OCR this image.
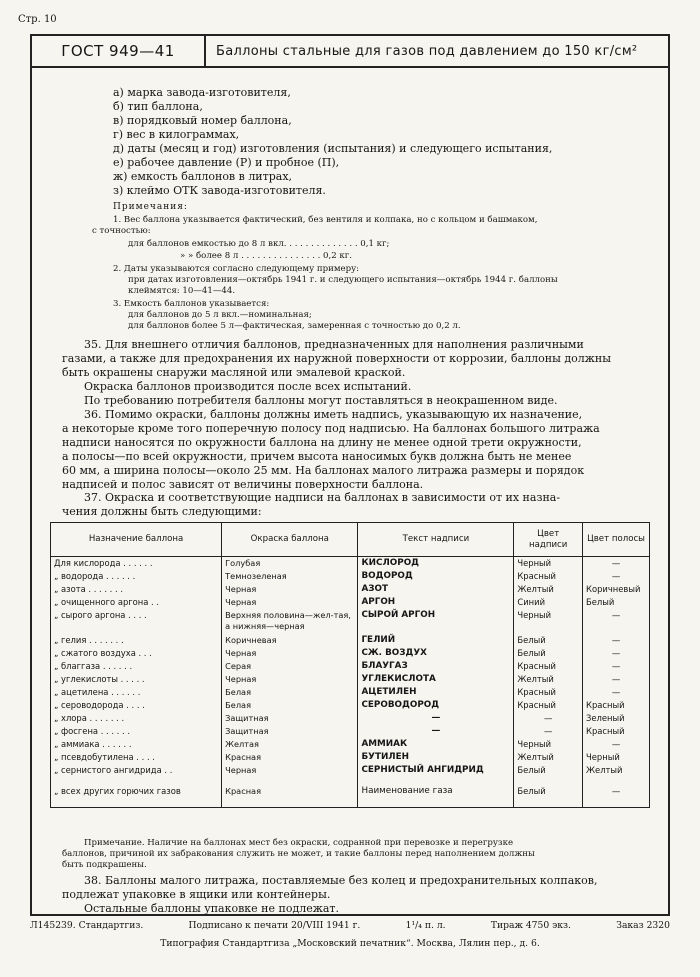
Стр. 10
ГОСТ 949—41	Баллоны стальные для газов под давлением до 150 кг/см²
а) марка завода-изготовителя,
б) тип баллона,
в) порядковый номер баллона,
г) вес в килограммах,
д) даты (месяц и год) изготовления (испытания) и следующего испытания,
е) рабочее давление (Р) и пробное (П),
ж) емкость баллонов в литрах,
з) клеймо ОТК завода-изготовителя.
Примечания:
1. Вес баллона указывается фактический, без вентиля и колпака, но с кольцом и башмаком,
с точностью:
для баллонов емкостью до 8 л вкл. . . . . . . . . . . . . . 0,1 кг;
» » более 8 л . . . . . . . . . . . . . . . 0,2 кг.
2. Даты указываются согласно следующему примеру:
при датах изготовления—октябрь 1941 г. и следующего испытания—октябрь 1944 г. баллоны
клеймятся: 10—41—44.
3. Емкость баллонов указывается:
для баллонов до 5 л вкл.—номинальная;
для баллонов более 5 л—фактическая, замеренная с точностью до 0,2 л.
35. Для внешнего отличия баллонов, предназначенных для наполнения различными
газами, а также для предохранения их наружной поверхности от коррозии, баллоны должны
быть окрашены снаружи масляной или эмалевой краской.
Окраска баллонов производится после всех испытаний.
По требованию потребителя баллоны могут поставляться в неокрашенном виде.
36. Помимо окраски, баллоны должны иметь надпись, указывающую их назначение,
а некоторые кроме того поперечную полосу под надписью. На баллонах большого литража
надписи наносятся по окружности баллона на длину не менее одной трети окружности,
а полосы—по всей окружности, причем высота наносимых букв должна быть не менее
60 мм, а ширина полосы—около 25 мм. На баллонах малого литража размеры и порядок
надписей и полос зависят от величины поверхности баллона.
37. Окраска и соответствующие надписи на баллонах в зависимости от их назна-
чения должны быть следующими:
Назначение баллона	Окраска баллона	Текст надписи	Цвет надписи	Цвет полосы
Для кислорода . . . . . .	Голубая	КИСЛОРОД	Черный	—
„ водорода . . . . . .	Темнозеленая	ВОДОРОД	Красный	—
„ азота . . . . . . .	Черная	АЗОТ	Желтый	Коричневый
„ очищенного аргона . .	Черная	АРГОН	Синий	Белый
„ сырого аргона . . . .	Верхняя половина—жел-тая, а нижняя—черная	СЫРОЙ АРГОН	Черный	—
„ гелия . . . . . . .	Коричневая	ГЕЛИЙ	Белый	—
„ сжатого воздуха . . .	Черная	СЖ. ВОЗДУХ	Белый	—
„ благгаза . . . . . .	Серая	БЛАУГАЗ	Красный	—
„ углекислоты . . . . .	Черная	УГЛЕКИСЛОТА	Желтый	—
„ ацетилена . . . . . .	Белая	АЦЕТИЛЕН	Красный	—
„ сероводорода . . . .	Белая	СЕРОВОДОРОД	Красный	Красный
„ хлора . . . . . . .	Защитная	—	—	Зеленый
„ фосгена . . . . . .	Защитная	—	—	Красный
„ аммиака . . . . . .	Желтая	АММИАК	Черный	—
„ псевдобутилена . . . .	Красная	БУТИЛЕН	Желтый	Черный
„ сернистого ангидрида . .	Черная	СЕРНИСТЫЙ АНГИДРИД	Белый	Желтый
„ всех других горючих газов	Красная	Наименование газа	Белый	—
Примечание. Наличие на баллонах мест без окраски, содранной при перевозке и перегрузке
баллонов, причиной их забракования служить не может, и такие баллоны перед наполнением должны
быть подкрашены.
38. Баллоны малого литража, поставляемые без колец и предохранительных колпаков,
подлежат упаковке в ящики или контейнеры.
Остальные баллоны упаковке не подлежат.
Л145239. Стандартгиз.	Подписано к печати 20/VIII 1941 г.	1¹/₄ п. л.	Тираж 4750 экз.	Заказ 2320
Типография Стандартгиза „Московский печатник“. Москва, Лялин пер., д. 6.
